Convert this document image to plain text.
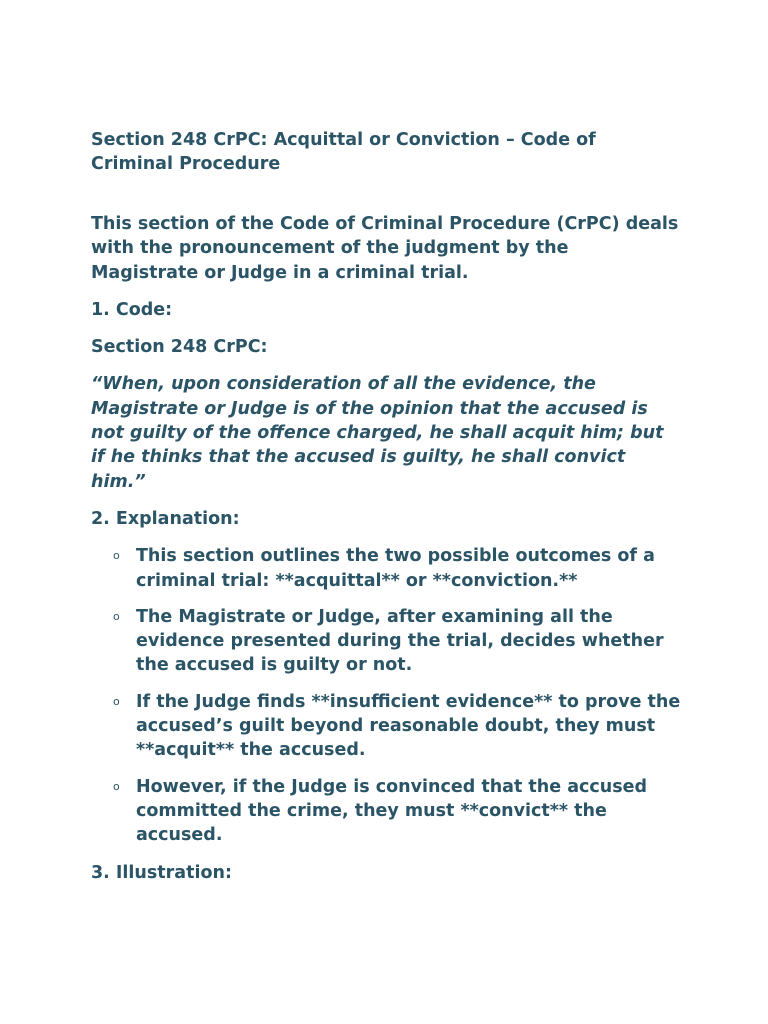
Section 248 CrPC: Acquittal or Conviction – Code of Criminal Procedure

This section of the Code of Criminal Procedure (CrPC) deals with the pronouncement of the judgment by the Magistrate or Judge in a criminal trial.

1. Code:

Section 248 CrPC:

“When, upon consideration of all the evidence, the Magistrate or Judge is of the opinion that the accused is not guilty of the offence charged, he shall acquit him; but if he thinks that the accused is guilty, he shall convict him.”

2. Explanation:

o This section outlines the two possible outcomes of a criminal trial: **acquittal** or **conviction.**
o The Magistrate or Judge, after examining all the evidence presented during the trial, decides whether the accused is guilty or not.
o If the Judge finds **insufficient evidence** to prove the accused’s guilt beyond reasonable doubt, they must **acquit** the accused.
o However, if the Judge is convinced that the accused committed the crime, they must **convict** the accused.

3. Illustration:
